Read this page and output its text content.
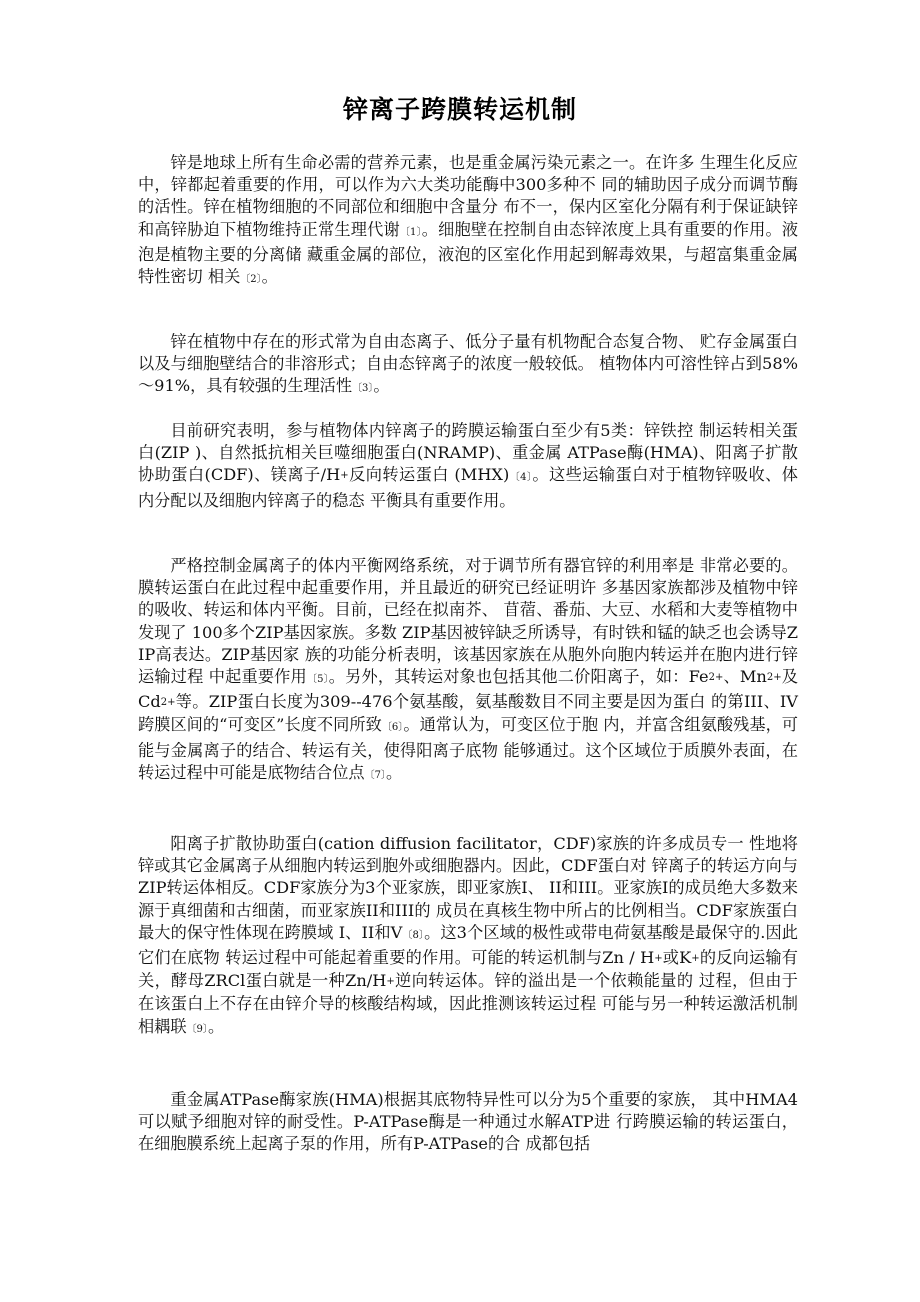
锌离子跨膜转运机制

锌是地球上所有生命必需的营养元素，也是重金属污染元素之一。在许多 生理生化反应中，锌都起着重要的作用，可以作为六大类功能酶中300多种不 同的辅助因子成分而调节酶的活性。锌在植物细胞的不同部位和细胞中含量分 布不一，保内区室化分隔有利于保证缺锌和高锌胁迫下植物维持正常生理代谢〔1〕。细胞壁在控制自由态锌浓度上具有重要的作用。液泡是植物主要的分离储 藏重金属的部位，液泡的区室化作用起到解毒效果，与超富集重金属特性密切 相关〔2〕。

锌在植物中存在的形式常为自由态离子、低分子量有机物配合态复合物、 贮存金属蛋白以及与细胞壁结合的非溶形式；自由态锌离子的浓度一般较低。 植物体内可溶性锌占到58%～91%，具有较强的生理活性〔3〕。

目前研究表明，参与植物体内锌离子的跨膜运输蛋白至少有5类：锌铁控 制运转相关蛋白(ZIP )、自然抵抗相关巨噬细胞蛋白(NRAMP)、重金属 ATPase酶(HMA)、阳离子扩散协助蛋白(CDF)、镁离子/H+反向转运蛋白 (MHX)〔4〕。这些运输蛋白对于植物锌吸收、体内分配以及细胞内锌离子的稳态 平衡具有重要作用。

严格控制金属离子的体内平衡网络系统，对于调节所有器官锌的利用率是 非常必要的。膜转运蛋白在此过程中起重要作用，并且最近的研究已经证明许 多基因家族都涉及植物中锌的吸收、转运和体内平衡。目前，已经在拟南芥、 苜蓿、番茄、大豆、水稻和大麦等植物中发现了 100多个ZIP基因家族。多数 ZIP基因被锌缺乏所诱导，有时铁和锰的缺乏也会诱导ZIP高表达。ZIP基因家 族的功能分析表明，该基因家族在从胞外向胞内转运并在胞内进行锌运输过程 中起重要作用〔5〕。另外，其转运对象也包括其他二价阳离子，如：$Fe^{2+}$、$Mn^{2+}$及 $Cd^{2+}$等。ZIP蛋白长度为309--476个氨基酸，氨基酸数目不同主要是因为蛋白 的第III、IV跨膜区间的“可变区”长度不同所致〔6〕。通常认为，可变区位于胞 内，并富含组氨酸残基，可能与金属离子的结合、转运有关，使得阳离子底物 能够通过。这个区域位于质膜外表面，在转运过程中可能是底物结合位点〔7〕。

阳离子扩散协助蛋白(cation diffusion facilitator，CDF)家族的许多成员专一 性地将锌或其它金属离子从细胞内转运到胞外或细胞器内。因此，CDF蛋白对 锌离子的转运方向与ZIP转运体相反。CDF家族分为3个亚家族，即亚家族I、 II和III。亚家族I的成员绝大多数来源于真细菌和古细菌，而亚家族II和III的 成员在真核生物中所占的比例相当。CDF家族蛋白最大的保守性体现在跨膜域 I、II和V〔8〕。这3个区域的极性或带电荷氨基酸是最保守的.因此它们在底物 转运过程中可能起着重要的作用。可能的转运机制与Zn / H+或K+的反向运输有 关，酵母ZRCl蛋白就是一种Zn/H+逆向转运体。锌的溢出是一个依赖能量的 过程，但由于在该蛋白上不存在由锌介导的核酸结构域，因此推测该转运过程 可能与另一种转运激活机制相耦联〔9〕。

重金属ATPase酶家族(HMA)根据其底物特异性可以分为5个重要的家族， 其中HMA4可以赋予细胞对锌的耐受性。P-ATPase酶是一种通过水解ATP进 行跨膜运输的转运蛋白，在细胞膜系统上起离子泵的作用，所有P-ATPase的合 成都包括
